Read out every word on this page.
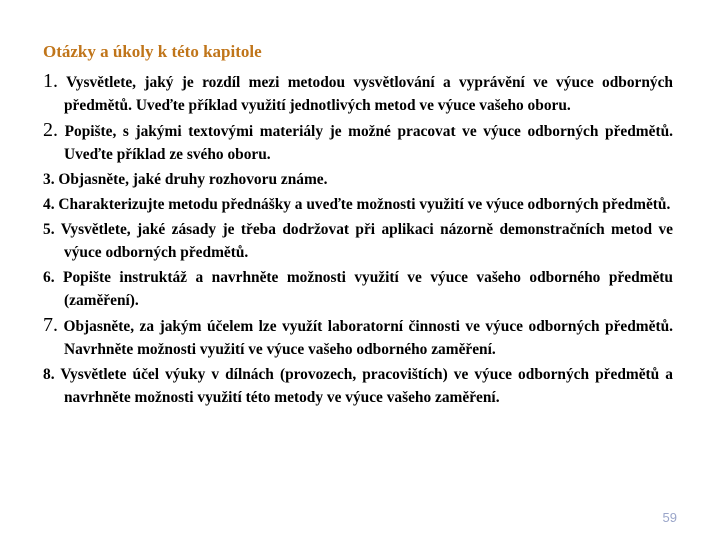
Otázky a úkoly k této kapitole
1. Vysvětlete, jaký je rozdíl mezi metodou vysvětlování a vyprávění ve výuce odborných předmětů. Uveďte příklad využití jednotlivých metod ve výuce vašeho oboru.
2. Popište, s jakými textovými materiály je možné pracovat ve výuce odborných předmětů. Uveďte příklad ze svého oboru.
3. Objasněte, jaké druhy rozhovoru známe.
4. Charakterizujte metodu přednášky a uveďte možnosti využití ve výuce odborných předmětů.
5. Vysvětlete, jaké zásady je třeba dodržovat při aplikaci názorně demonstračních metod ve výuce odborných předmětů.
6. Popište instruktáž a navrhněte možnosti využití ve výuce vašeho odborného předmětu (zaměření).
7. Objasněte, za jakým účelem lze využít laboratorní činnosti ve výuce odborných předmětů. Navrhněte možnosti využití ve výuce vašeho odborného zaměření.
8. Vysvětlete účel výuky v dílnách (provozech, pracovištích) ve výuce odborných předmětů a navrhněte možnosti využití této metody ve výuce vašeho zaměření.
59
